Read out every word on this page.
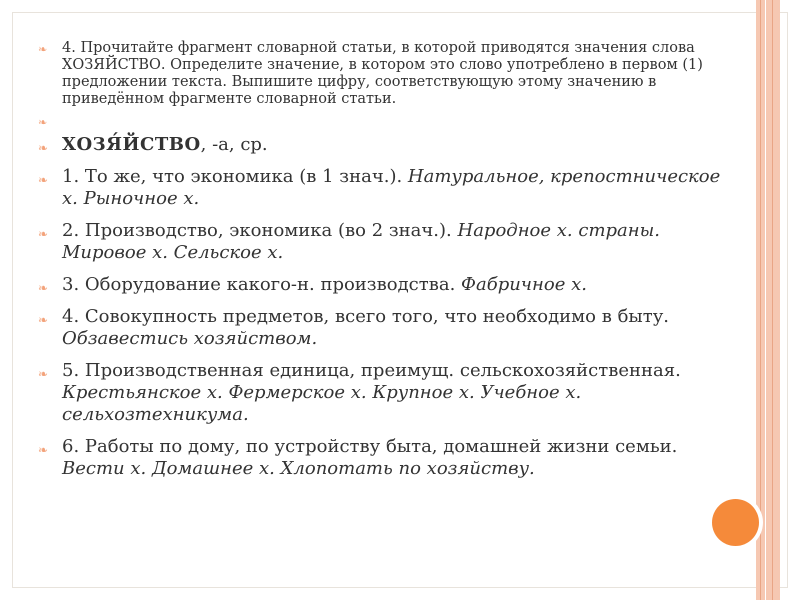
❧ 4. Прочитайте фрагмент словарной статьи, в которой приводятся значения слова ХОЗЯЙСТВО. Определите значение, в котором это слово употреблено в первом (1) предложении текста. Выпишите цифру, соответствующую этому значению в приведённом фрагменте словарной статьи.
❧
❧ ХОЗЯ́ЙСТВО, -а, ср.
❧ 1. То же, что экономика (в 1 знач.). Натуральное, крепостническое х. Рыночное х.
❧ 2. Производство, экономика (во 2 знач.). Народное х. страны. Мировое х. Сельское х.
❧ 3. Оборудование какого-н. производства. Фабричное х.
❧ 4. Совокупность предметов, всего того, что необходимо в быту. Обзавестись хозяйством.
❧ 5. Производственная единица, преимущ. сельскохозяйственная. Крестьянское х. Фермерское х. Крупное х. Учебное х. сельхозтехникума.
❧ 6. Работы по дому, по устройству быта, домашней жизни семьи. Вести х. Домашнее х. Хлопотать по хозяйству.
